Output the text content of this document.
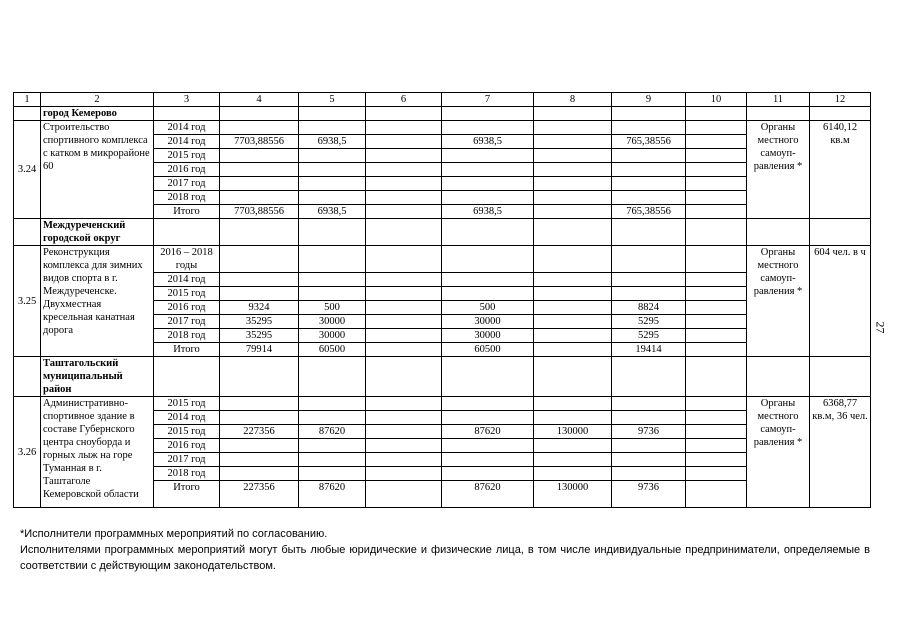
1	2	3	4	5	6	7	8	9	10	11	12
	город Кемерово										
3.24	Строительство спортивного комплекса с катком в микрорайоне 60	2014 год								Органы местного самоуп-равления *	6140,12 кв.м
		2014 год	7703,88556	6938,5		6938,5		765,38556			
		2015 год									
		2016 год									
		2017 год									
		2018 год									
		Итого	7703,88556	6938,5		6938,5		765,38556			
	Междуреченский городской округ										
3.25	Реконструкция комплекса для зимних видов спорта в г. Междуреченске. Двухместная кресельная канатная дорога	2016 – 2018 годы								Органы местного самоуп-равления *	604 чел. в ч
		2014 год									
		2015 год									
		2016 год	9324	500		500		8824			
		2017 год	35295	30000		30000		5295			
		2018 год	35295	30000		30000		5295			
		Итого	79914	60500		60500		19414			
	Таштагольский муниципальный район										
3.26	Административно-спортивное здание в составе Губернского центра сноуборда и горных лыж на горе Туманная в г. Таштаголе Кемеровской области	2015 год								Органы местного самоуп-равления *	6368,77 кв.м, 36 чел.
		2014 год									
		2015 год	227356	87620		87620	130000	9736			
		2016 год									
		2017 год									
		2018 год									
		Итого	227356	87620		87620	130000	9736			

*Исполнители программных мероприятий по согласованию.

Исполнителями программных мероприятий могут быть любые юридические и физические лица, в том числе индивидуальные предприниматели, определяемые в соответствии с действующим законодательством.

27
